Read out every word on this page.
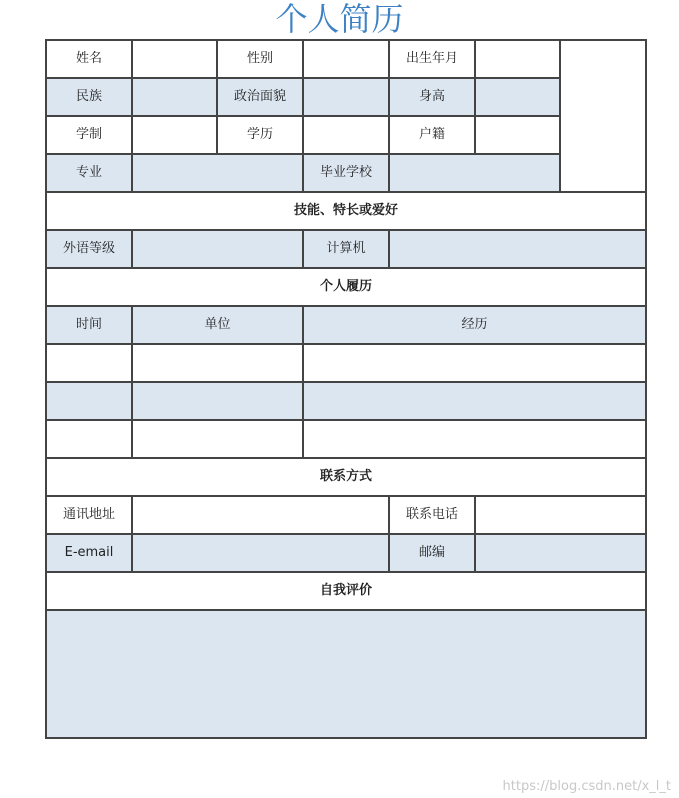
个人简历
姓名		性别		出生年月		
民族		政治面貌		身高		
学制		学历		户籍		
专业			毕业学校			
技能、特长或爱好						
外语等级			计算机			
个人履历						
时间	单位		经历			

联系方式						
通讯地址				联系电话		
E-email				邮编		
自我评价						

https://blog.csdn.net/x_l_t
